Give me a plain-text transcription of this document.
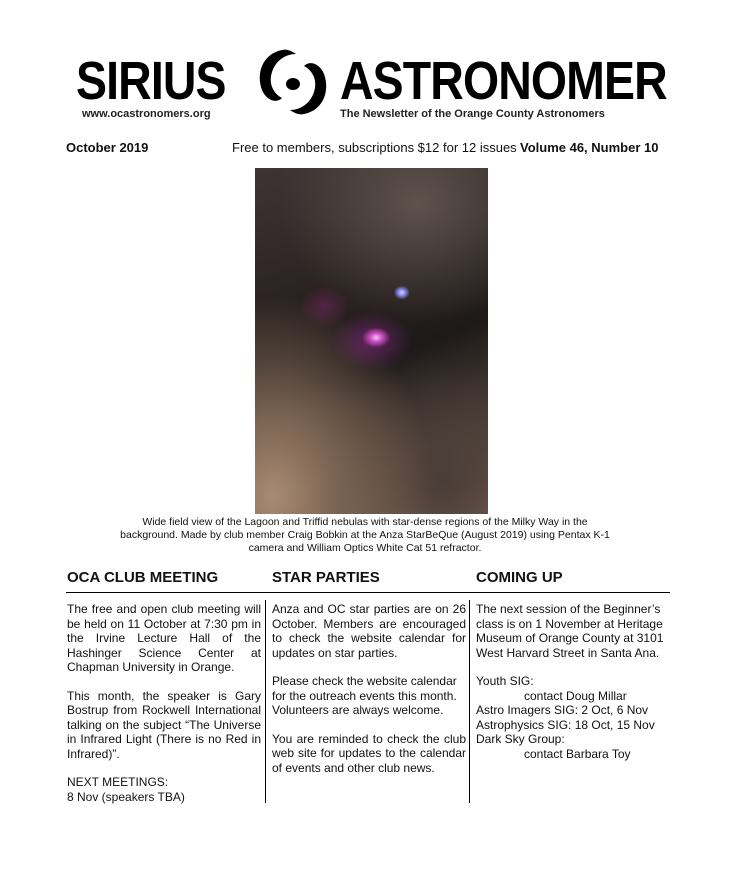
SIRIUS ASTRONOMER
www.ocastronomers.org	The Newsletter of the Orange County Astronomers
October 2019	Free to members, subscriptions $12 for 12 issues Volume 46, Number 10
Wide field view of the Lagoon and Triffid nebulas with star-dense regions of the Milky Way in the
background. Made by club member Craig Bobkin at the Anza StarBeQue (August 2019) using Pentax K-1
camera and William Optics White Cat 51 refractor.
OCA CLUB MEETING

The free and open club meeting will be held on 11 October at 7:30 pm in the Irvine Lecture Hall of the Hashinger Science Center at Chapman University in Orange.

This month, the speaker is Gary Bostrup from Rockwell International talking on the subject “The Universe in Infrared Light (There is no Red in Infrared)”.

NEXT MEETINGS:
8 Nov (speakers TBA)
STAR PARTIES

Anza and OC star parties are on 26 October. Members are encouraged to check the website calendar for updates on star parties.

Please check the website calendar for the outreach events this month. Volunteers are always welcome.

You are reminded to check the club web site for updates to the calendar of events and other club news.

COMING UP

The next session of the Beginner’s class is on 1 November at Heritage Museum of Orange County at 3101 West Harvard Street in Santa Ana.

Youth SIG:
contact Doug Millar
Astro Imagers SIG: 2 Oct, 6 Nov
Astrophysics SIG: 18 Oct, 15 Nov
Dark Sky Group:
contact Barbara Toy
